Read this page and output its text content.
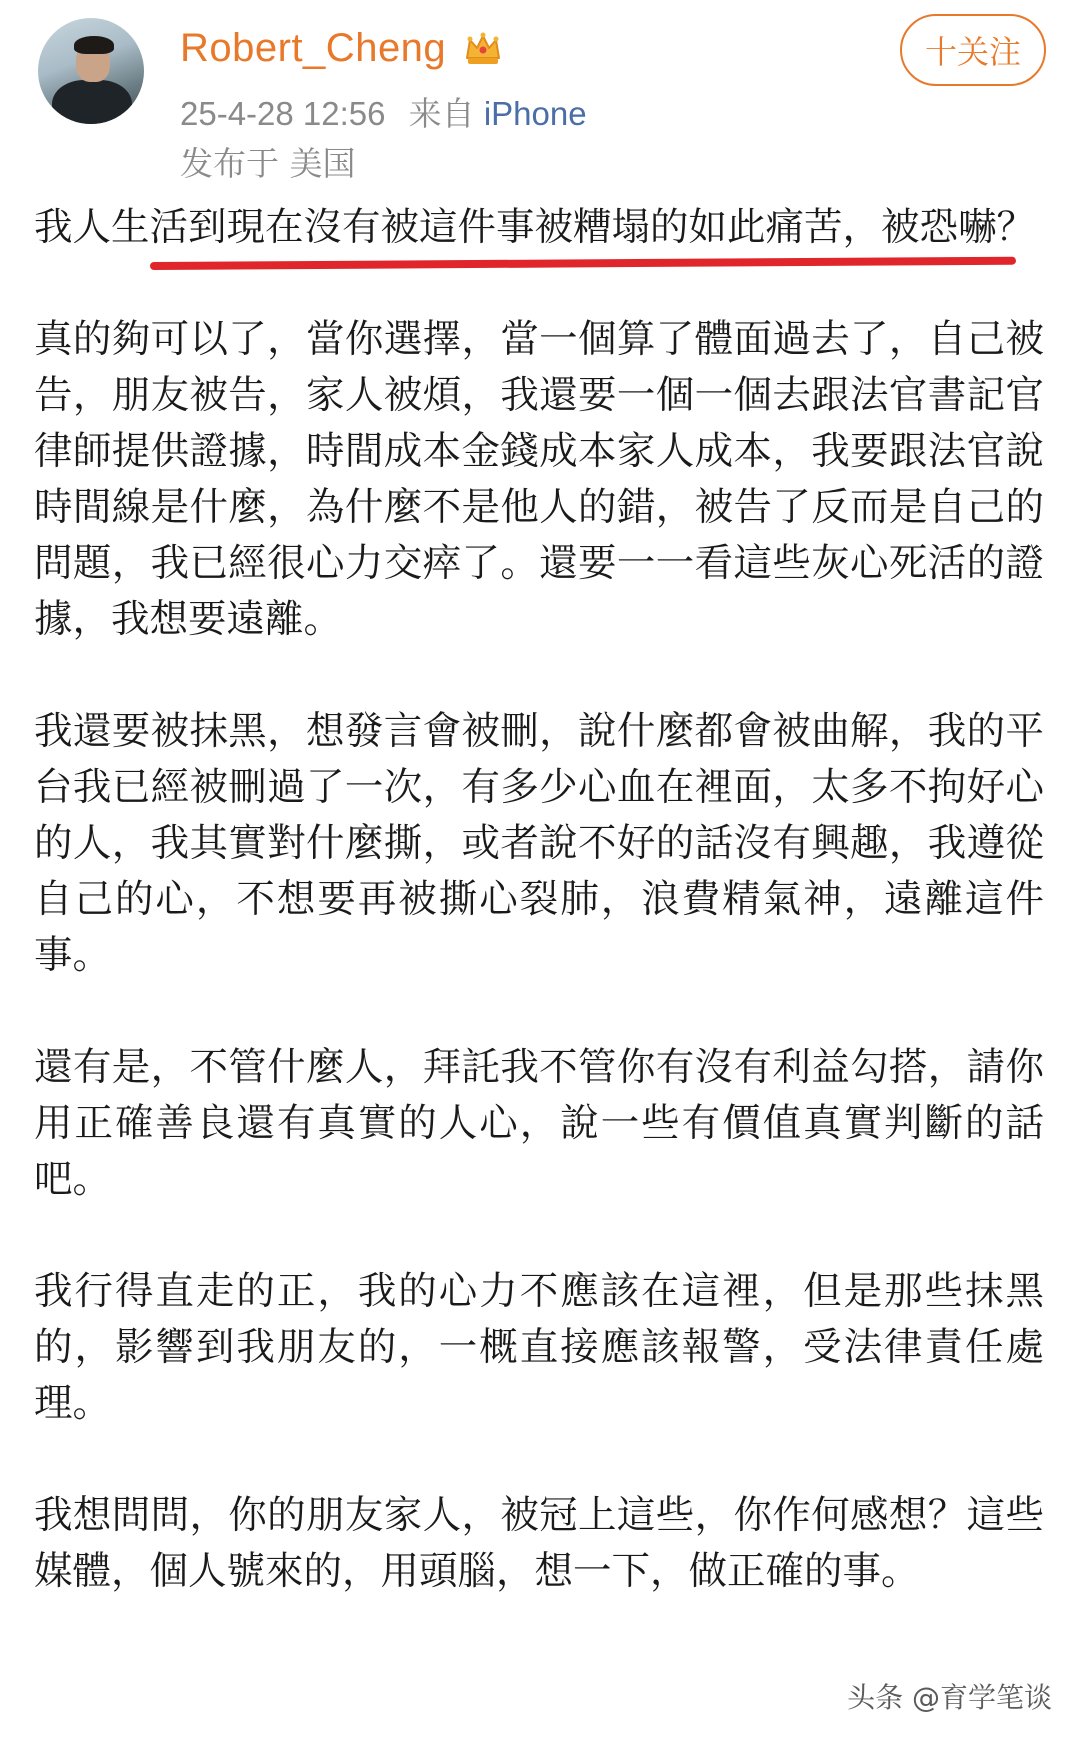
Robert_Cheng
25-4-28 12:56 来自 iPhone
发布于 美国
十关注

我人生活到現在沒有被這件事被糟塌的如此痛苦，被恐嚇？

真的夠可以了，當你選擇，當一個算了體面過去了，自己被告，朋友被告，家人被煩，我還要一個一個去跟法官書記官律師提供證據，時間成本金錢成本家人成本，我要跟法官說時間線是什麼，為什麼不是他人的錯，被告了反而是自己的問題，我已經很心力交瘁了。還要一一看這些灰心死活的證據，我想要遠離。

我還要被抹黑，想發言會被刪，說什麼都會被曲解，我的平台我已經被刪過了一次，有多少心血在裡面，太多不拘好心的人，我其實對什麼撕，或者說不好的話沒有興趣，我遵從自己的心，不想要再被撕心裂肺，浪費精氣神，遠離這件事。

還有是，不管什麼人，拜託我不管你有沒有利益勾搭，請你用正確善良還有真實的人心，說一些有價值真實判斷的話吧。

我行得直走的正，我的心力不應該在這裡，但是那些抹黑的，影響到我朋友的，一概直接應該報警，受法律責任處理。

我想問問，你的朋友家人，被冠上這些，你作何感想？這些媒體，個人號來的，用頭腦，想一下，做正確的事。

头条 @育学笔谈
